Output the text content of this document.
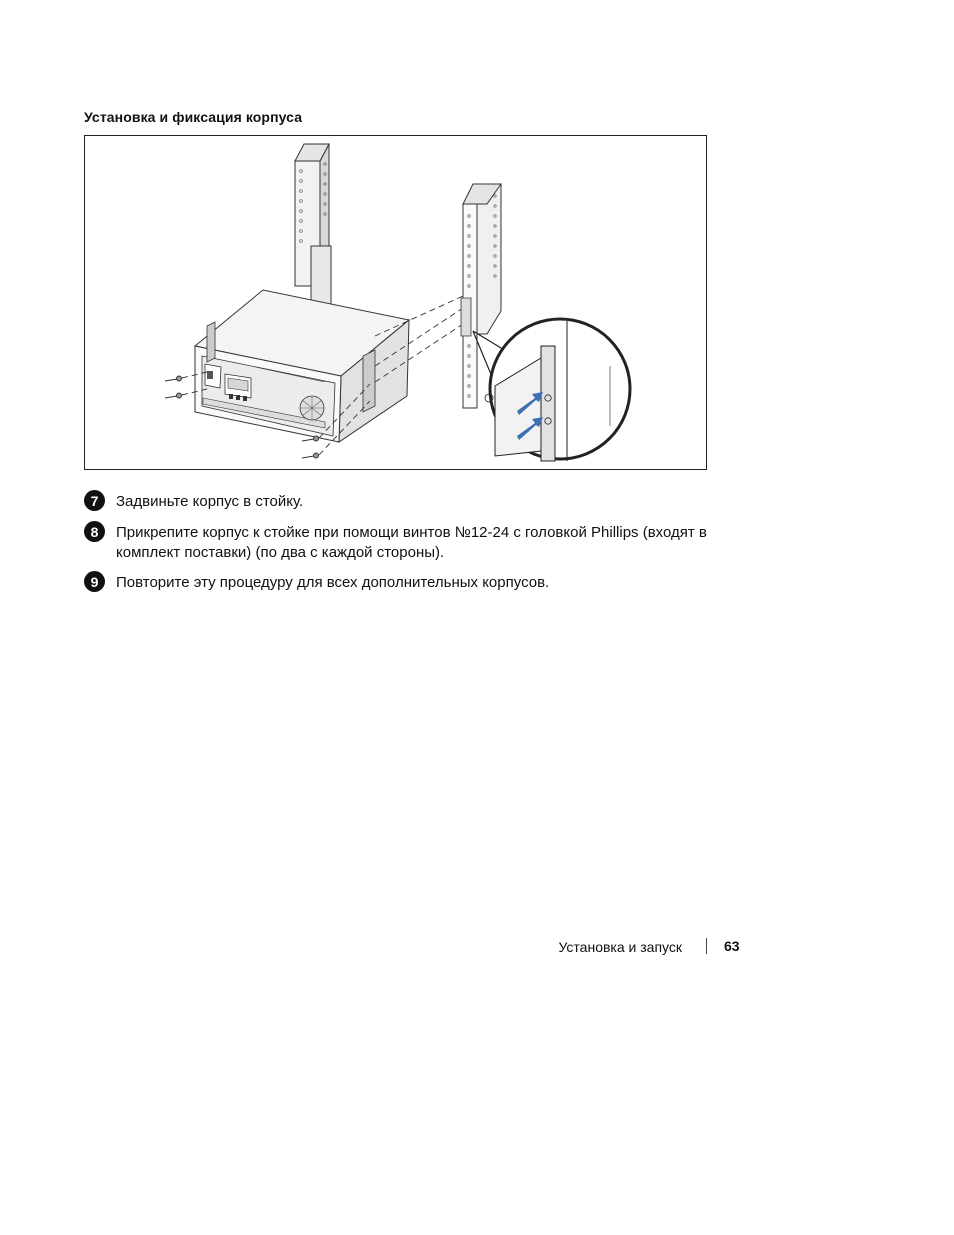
Установка и фиксация корпуса
7	Задвиньте корпус в стойку.
8	Прикрепите корпус к стойке при помощи винтов №12-24 с головкой Phillips (входят в комплект поставки) (по два с каждой стороны).
9	Повторите эту процедуру для всех дополнительных корпусов.
Установка и запуск	63
